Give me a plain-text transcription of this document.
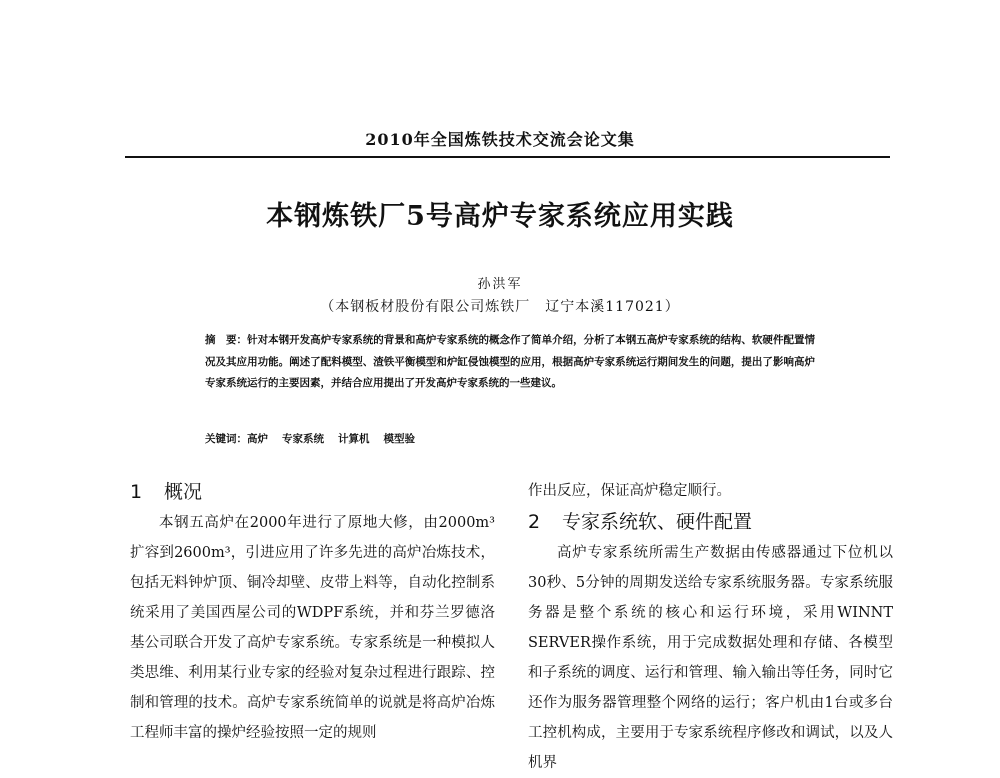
2010年全国炼铁技术交流会论文集
本钢炼铁厂5号高炉专家系统应用实践
孙洪军
（本钢板材股份有限公司炼铁厂　辽宁本溪117021）

摘　要：针对本钢开发高炉专家系统的背景和高炉专家系统的概念作了简单介绍，分析了本钢五高炉专家系统的结构、软硬件配置情况及其应用功能。阐述了配料模型、渣铁平衡模型和炉缸侵蚀模型的应用，根据高炉专家系统运行期间发生的问题，提出了影响高炉专家系统运行的主要因素，并结合应用提出了开发高炉专家系统的一些建议。

关键词：高炉 专家系统 计算机 模型验

1 概况

本钢五高炉在2000年进行了原地大修，由2000m³扩容到2600m³，引进应用了许多先进的高炉冶炼技术，包括无料钟炉顶、铜冷却壁、皮带上料等，自动化控制系统采用了美国西屋公司的WDPF系统，并和芬兰罗德洛基公司联合开发了高炉专家系统。专家系统是一种模拟人类思维、利用某行业专家的经验对复杂过程进行跟踪、控制和管理的技术。高炉专家系统简单的说就是将高炉冶炼工程师丰富的操炉经验按照一定的规则

作出反应，保证高炉稳定顺行。

2 专家系统软、硬件配置

高炉专家系统所需生产数据由传感器通过下位机以30秒、5分钟的周期发送给专家系统服务器。专家系统服务器是整个系统的核心和运行环境，采用WINNT SERVER操作系统，用于完成数据处理和存储、各模型和子系统的调度、运行和管理、输入输出等任务，同时它还作为服务器管理整个网络的运行；客户机由1台或多台工控机构成，主要用于专家系统程序修改和调试，以及人机界
